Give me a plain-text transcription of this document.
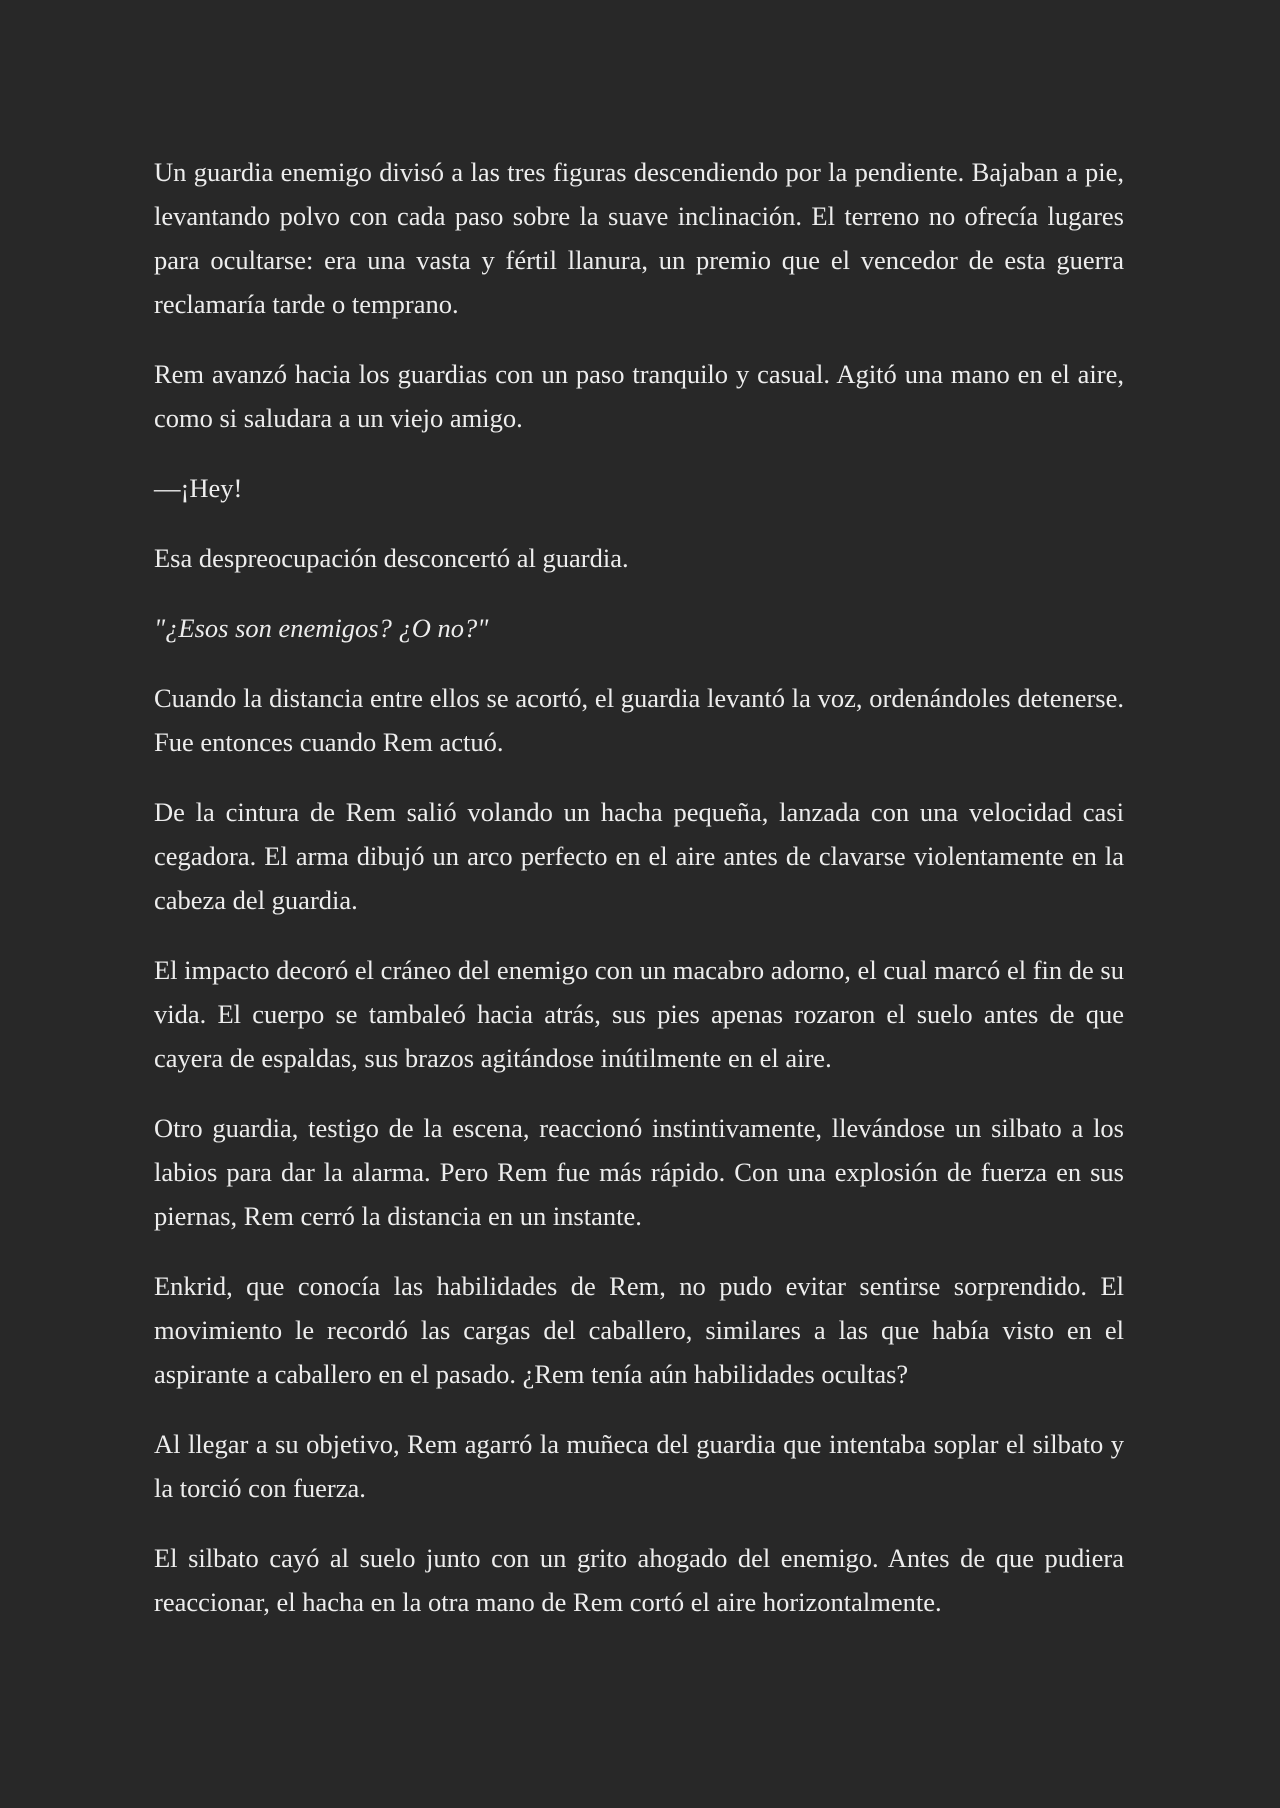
Un guardia enemigo divisó a las tres figuras descendiendo por la pendiente. Bajaban a pie, levantando polvo con cada paso sobre la suave inclinación. El terreno no ofrecía lugares para ocultarse: era una vasta y fértil llanura, un premio que el vencedor de esta guerra reclamaría tarde o temprano.

Rem avanzó hacia los guardias con un paso tranquilo y casual. Agitó una mano en el aire, como si saludara a un viejo amigo.

—¡Hey!

Esa despreocupación desconcertó al guardia.

"¿Esos son enemigos? ¿O no?"

Cuando la distancia entre ellos se acortó, el guardia levantó la voz, ordenándoles detenerse. Fue entonces cuando Rem actuó.

De la cintura de Rem salió volando un hacha pequeña, lanzada con una velocidad casi cegadora. El arma dibujó un arco perfecto en el aire antes de clavarse violentamente en la cabeza del guardia.

El impacto decoró el cráneo del enemigo con un macabro adorno, el cual marcó el fin de su vida. El cuerpo se tambaleó hacia atrás, sus pies apenas rozaron el suelo antes de que cayera de espaldas, sus brazos agitándose inútilmente en el aire.

Otro guardia, testigo de la escena, reaccionó instintivamente, llevándose un silbato a los labios para dar la alarma. Pero Rem fue más rápido. Con una explosión de fuerza en sus piernas, Rem cerró la distancia en un instante.

Enkrid, que conocía las habilidades de Rem, no pudo evitar sentirse sorprendido. El movimiento le recordó las cargas del caballero, similares a las que había visto en el aspirante a caballero en el pasado. ¿Rem tenía aún habilidades ocultas?

Al llegar a su objetivo, Rem agarró la muñeca del guardia que intentaba soplar el silbato y la torció con fuerza.

El silbato cayó al suelo junto con un grito ahogado del enemigo. Antes de que pudiera reaccionar, el hacha en la otra mano de Rem cortó el aire horizontalmente.
